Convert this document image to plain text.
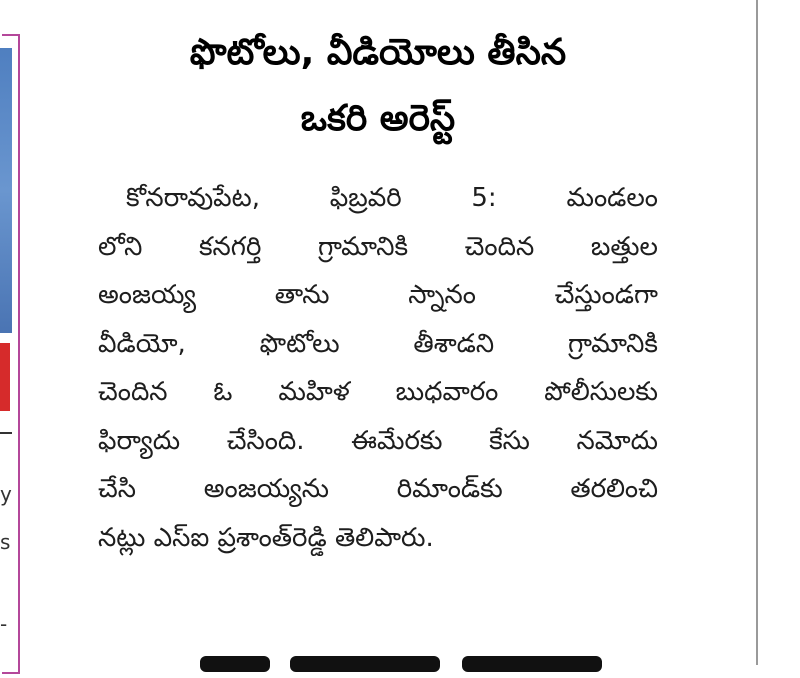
y
s
-
ఫొటోలు, వీడియోలు తీసిన
ఒకరి అరెస్ట్
కోనరావుపేట, ఫిబ్రవరి 5: మండలం
లోని కనగర్తి గ్రామానికి చెందిన బత్తుల
అంజయ్య తాను స్నానం చేస్తుండగా
వీడియో, ఫొటోలు తీశాడని గ్రామానికి
చెందిన ఓ మహిళ బుధవారం పోలీసులకు
ఫిర్యాదు చేసింది. ఈమేరకు కేసు నమోదు
చేసి అంజయ్యను రిమాండ్‌కు తరలించి
నట్లు ఎస్ఐ ప్రశాంత్‌రెడ్డి తెలిపారు.
